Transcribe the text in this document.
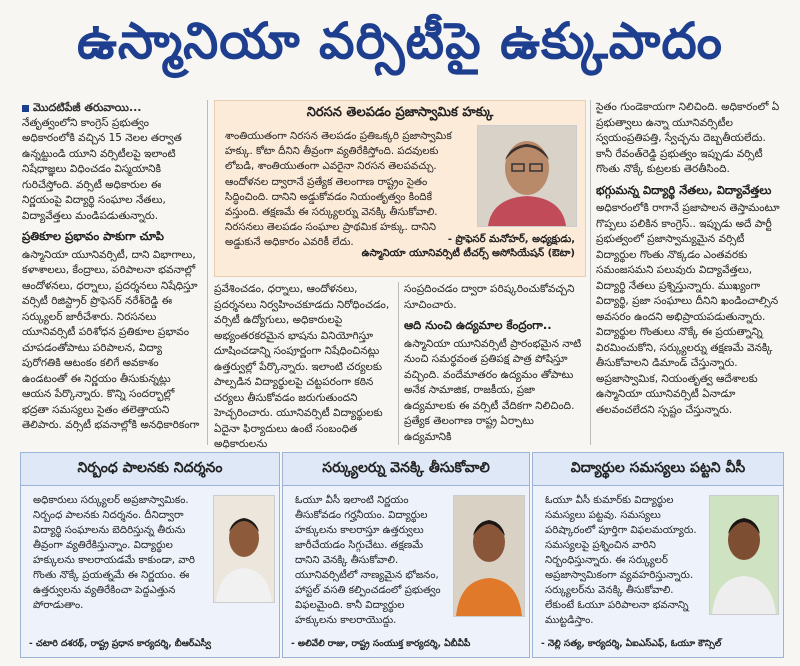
ఉస్మానియా వర్సిటీపై ఉక్కుపాదం
మొదటిపేజీ తరువాయి...

నేతృత్వంలోని కాంగ్రెస్ ప్రభుత్వం అధికారంలోకి వచ్చిన 15 నెలల తర్వాత ఉన్నట్టుండి యూని వర్సిటీలపై ఇలాంటి నిషేధాజ్ఞలు విధించడం విస్మయానికి గురిచేస్తోంది. వర్సిటీ అధికారుల ఈ నిర్ణయంపై విద్యార్థి సంఘాల నేతలు, విద్యావేత్తలు మండిపడుతున్నారు.

ప్రతికూల ప్రభావం పాకుగా చూపి

ఉస్మానియా యూనివర్సిటీ, దాని విభాగాలు, కళాశాలలు, కేంద్రాలు, పరిపాలనా భవనాల్లో ఆందోళనలు, ధర్నాలు, ప్రదర్శనలు నిషేధిస్తూ వర్సిటీ రిజిస్ట్రార్ ప్రొఫెసర్ నరేశ్‌రెడ్డి ఈ సర్క్యులర్ జారీచేశారు. నిరసనలు యూనివర్సిటీ పరిశోధన ప్రతికూల ప్రభావం చూపడంతోపాటు పరిపాలన, విద్యా పురోగతికి ఆటంకం కలిగే అవకాశం ఉండటంతో ఈ నిర్ణయం తీసుకున్నట్లు ఆయన పేర్కొన్నారు. కొన్ని సందర్భాల్లో భద్రతా సమస్యలు సైతం తలెత్తాయని తెలిపారు. వర్సిటీ భవనాల్లోకి అనధికారికంగా

నిరసన తెలపడం ప్రజాస్వామిక హక్కు
శాంతియుతంగా నిరసన తెలపడం ప్రతిఒక్కరి ప్రజాస్వామిక హక్కు. కోటా దీనిని తీవ్రంగా వ్యతిరేకిస్తోంది. పదవులకు లోబడి, శాంతియుతంగా ఎవరైనా నిరసన తెలపవచ్చు. ఆందోళనల ద్వారానే ప్రత్యేక తెలంగాణ రాష్ట్రం సైతం సిద్ధించింది. దానిని అడ్డుకోవడం నియంతృత్వం కిందికే వస్తుంది. తక్షణమే ఈ సర్క్యులర్ను వెనక్కి తీసుకోవాలి. నిరసనలు తెలపడం సంఘాల ప్రాథమిక హక్కు. దానిని అడ్డుకునే అధికారం ఎవరికీ లేదు.	- ప్రొఫెసర్ మనోహర్, అధ్యక్షుడు,
ఉస్మానియా యూనివర్సిటీ టీచర్స్ అసోసియేషన్ (ఔటా)

ప్రవేశించడం, ధర్నాలు, ఆందోళనలు, ప్రదర్శనలు నిర్వహించకూడదు నిరోధించడం, వర్సిటీ ఉద్యోగులు, అధికారులపై అభ్యంతరకరమైన భాషను వినియోగిస్తూ దూషించడాన్ని సంపూర్ణంగా నిషేధించినట్లు ఉత్తర్వుల్లో పేర్కొన్నారు. ఇలాంటి చర్యలకు పాల్పడిన విద్యార్థులపై చట్టపరంగా కఠిన చర్యలు తీసుకోవడం జరుగుతుందని హెచ్చరించారు. యూనివర్సిటీ విద్యార్థులకు ఏదైనా ఫిర్యాదులు ఉంటే సంబంధిత అధికారులను

సంప్రదించడం ద్వారా పరిష్కరించుకోవచ్చని సూచించారు.

ఆది నుంచి ఉద్యమాల కేంద్రంగా..

ఉస్మానియా యూనివర్సిటీ ప్రారంభమైన నాటి నుంచి సమర్థవంత ప్రతిపక్ష పాత్ర పోషిస్తూ వచ్చింది. వందేమాతరం ఉద్యమం తోపాటు అనేక సామాజిక, రాజకీయ, ప్రజా ఉద్యమాలకు ఈ వర్సిటీ వేదికగా నిలిచింది. ప్రత్యేక తెలంగాణ రాష్ట్ర ఏర్పాటు ఉద్యమానికి

సైతం గుండెకాయగా నిలిచింది. అధికారంలో ఏ ప్రభుత్వాలు ఉన్నా యూనివర్సిటీల స్వయంప్రతిపత్తి, స్వేచ్ఛను దెబ్బతీయలేదు. కానీ రేవంత్‌రెడ్డి ప్రభుత్వం ఇప్పుడు వర్సిటీ గొంతు నొక్కే కుట్రలకు తెరతీసింది.

భగ్గుమన్న విద్యార్థి నేతలు, విద్యావేత్తలు

అధికారంలోకి రాగానే ప్రజాపాలన తెస్తామంటూ గొప్పలు పలికిన కాంగ్రెస్.. ఇప్పుడు అదే పార్టీ ప్రభుత్వంలో ప్రజాస్వామ్యమైన వర్సిటీ విద్యార్థుల గొంతు నొక్కడం ఎంతవరకు సమంజసమని పలువురు విద్యావేత్తలు, విద్యార్థి నేతలు ప్రశ్నిస్తున్నారు. ముఖ్యంగా విద్యార్థి, ప్రజా సంఘాలు దీనిని ఖండించాల్సిన అవసరం ఉందని అభిప్రాయపడుతున్నారు. విద్యార్థుల గొంతులు నొక్కే ఈ ప్రయత్నాన్ని విరమించుకోని, సర్క్యులర్ను తక్షణమే వెనక్కి తీసుకోవాలని డిమాండ్ చేస్తున్నారు. అప్రజాస్వామిక, నియంతృత్వ ఆదేశాలకు ఉస్మానియా యూనివర్సిటీ ఏనాడూ తలవంచలేదని స్పష్టం చేస్తున్నారు.

నిర్బంధ పాలనకు నిదర్శనం
అధికారులు సర్క్యులర్ అప్రజాస్వామికం. నిర్బంధ పాలనకు నిదర్శనం. దీనిద్వారా విద్యార్థి సంఘాలను బెదిరిస్తున్న తీరును తీవ్రంగా వ్యతిరేకిస్తున్నాం. విద్యార్థుల హక్కులను కాలరాయడమే కాకుండా, వారి గొంతు నొక్కే ప్రయత్నమే ఈ నిర్ణయం. ఈ ఉత్తర్వులను వ్యతిరేకించా పెద్దఎత్తున పోరాడుతాం.
- చటారి దశరథ్, రాష్ట్ర ప్రధాన కార్యదర్శి, బీఆర్ఎస్వీ
సర్క్యులర్ను వెనక్కి తీసుకోవాలి
ఓయూ వీసీ ఇలాంటి నిర్ణయం తీసుకోవడం గర్హనీయం. విద్యార్థుల హక్కులను కాలరాస్తూ ఉత్తర్వులు జారీచేయడం సిగ్గుచేటు. తక్షణమే దానిని వెనక్కి తీసుకోవాలి. యూనివర్సిటీలో నాణ్యమైన భోజనం, హాస్టల్ వసతి కల్పించడంలో ప్రభుత్వం విఫలమైంది. కానీ విద్యార్థుల హక్కులను కాలరాయొద్దు.
- అలివేలి రాజు, రాష్ట్ర సంయుక్త కార్యదర్శి, ఏబీవీపీ
విద్యార్థుల సమస్యలు పట్టని వీసీ
ఓయూ వీసీ కుమార్‌కు విద్యార్థుల సమస్యలు పట్టవు. సమస్యలు పరిష్కారంలో పూర్తిగా విఫలమయ్యారు. సమస్యలపై ప్రశ్నించిన వారిని నిర్బంధిస్తున్నారు. ఈ సర్క్యులర్ అప్రజాస్వామికంగా వ్యవహరిస్తున్నారు. సర్క్యులర్‌ను వెనక్కి తీసుకోవాలి. లేకుంటే ఓయూ పరిపాలనా భవనాన్ని ముట్టడిస్తాం.
- నెల్లి సత్య, కార్యదర్శి, ఏఐఎస్ఎఫ్, ఓయూ కౌన్సిల్
